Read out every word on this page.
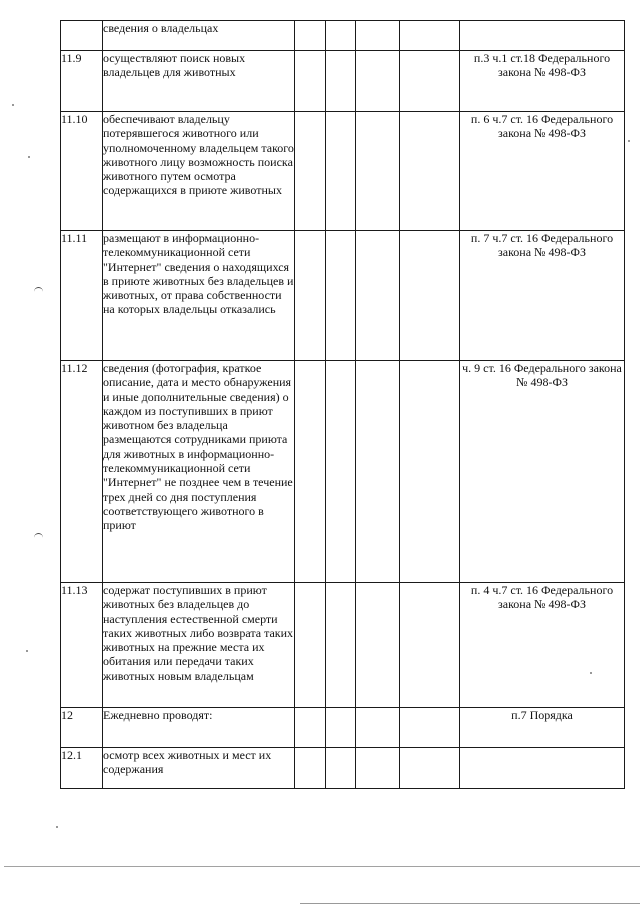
	сведения о владельцах					
11.9	осуществляют поиск новых владельцев для животных					п.3 ч.1 ст.18 Федерального закона № 498-ФЗ
11.10	обеспечивают владельцу потерявшегося животного или уполномоченному владельцем такого животного лицу возможность поиска животного путем осмотра содержащихся в приюте животных					п. 6 ч.7 ст. 16 Федерального закона № 498-ФЗ
11.11	размещают в информационно-телекоммуникационной сети "Интернет" сведения о находящихся в приюте животных без владельцев и животных, от права собственности на которых владельцы отказались					п. 7 ч.7 ст. 16 Федерального закона № 498-ФЗ
11.12	сведения (фотография, краткое описание, дата и место обнаружения и иные дополнительные сведения) о каждом из поступивших в приют животном без владельца размещаются сотрудниками приюта для животных в информационно-телекоммуникационной сети "Интернет" не позднее чем в течение трех дней со дня поступления соответствующего животного в приют					ч. 9 ст. 16 Федерального закона № 498-ФЗ
11.13	содержат поступивших в приют животных без владельцев до наступления естественной смерти таких животных либо возврата таких животных на прежние места их обитания или передачи таких животных новым владельцам					п. 4 ч.7 ст. 16 Федерального закона № 498-ФЗ
12	Ежедневно проводят:					п.7 Порядка
12.1	осмотр всех животных и мест их содержания					
